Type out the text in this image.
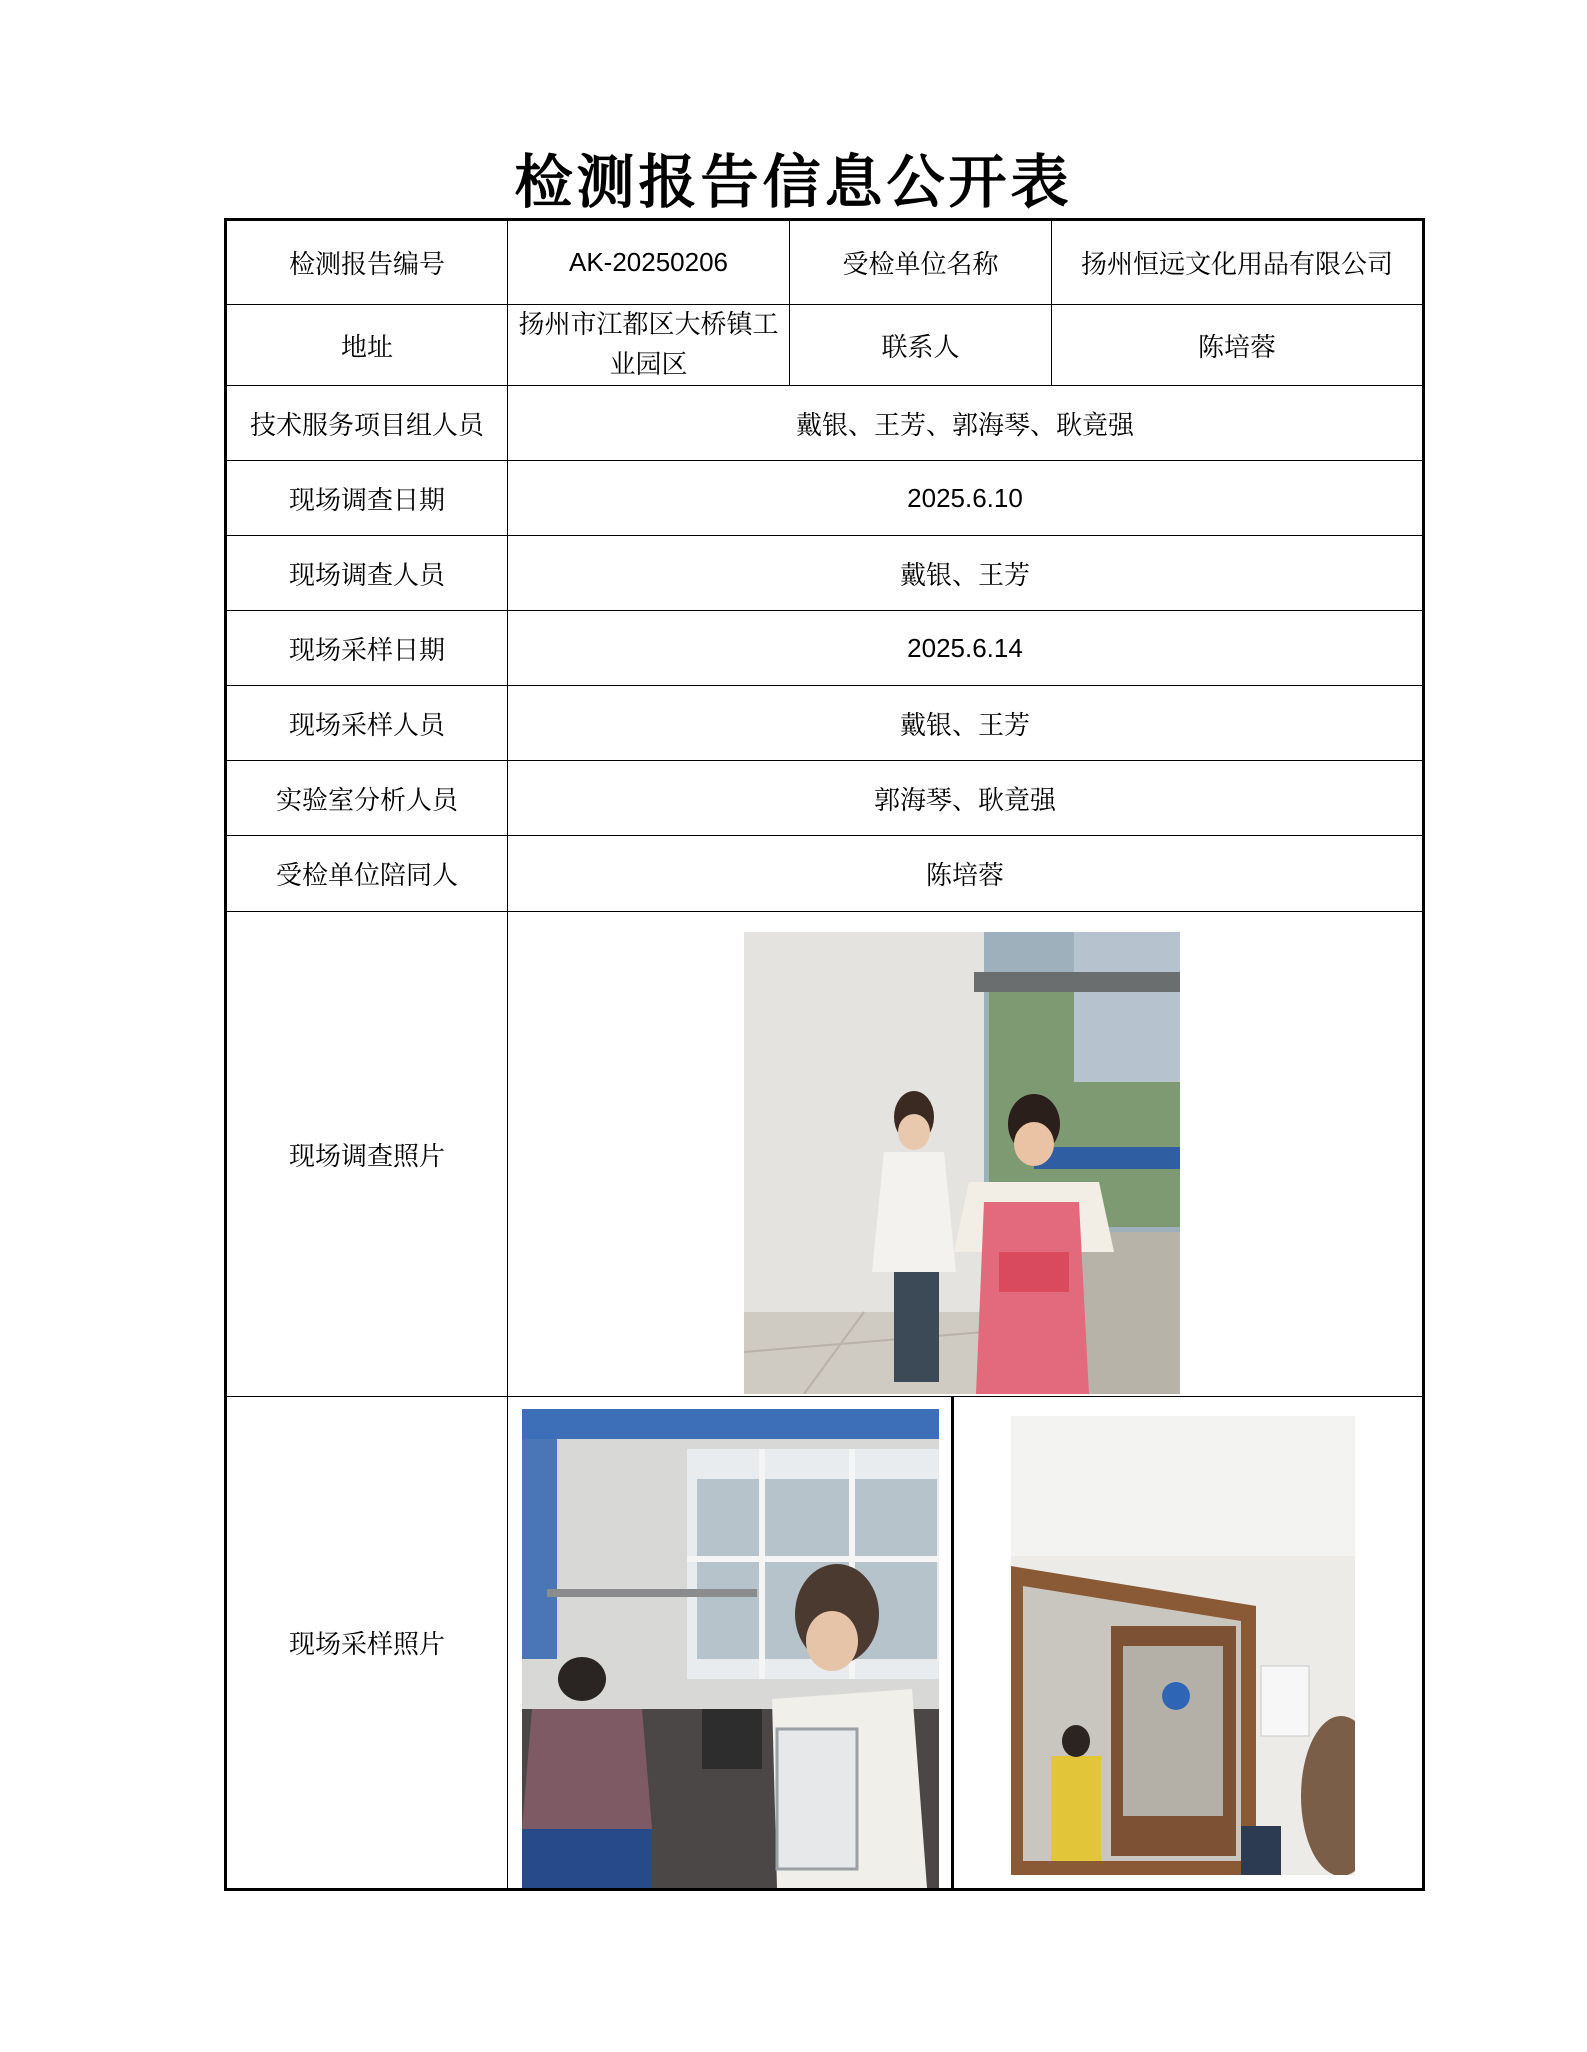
检测报告信息公开表
检测报告编号	AK-20250206	受检单位名称	扬州恒远文化用品有限公司
地址	扬州市江都区大桥镇工业园区	联系人	陈培蓉
技术服务项目组人员	戴银、王芳、郭海琴、耿竟强		
现场调查日期	2025.6.10		
现场调查人员	戴银、王芳		
现场采样日期	2025.6.14		
现场采样人员	戴银、王芳		
实验室分析人员	郭海琴、耿竟强		
受检单位陪同人	陈培蓉		
现场调查照片	

现场采样照片	
